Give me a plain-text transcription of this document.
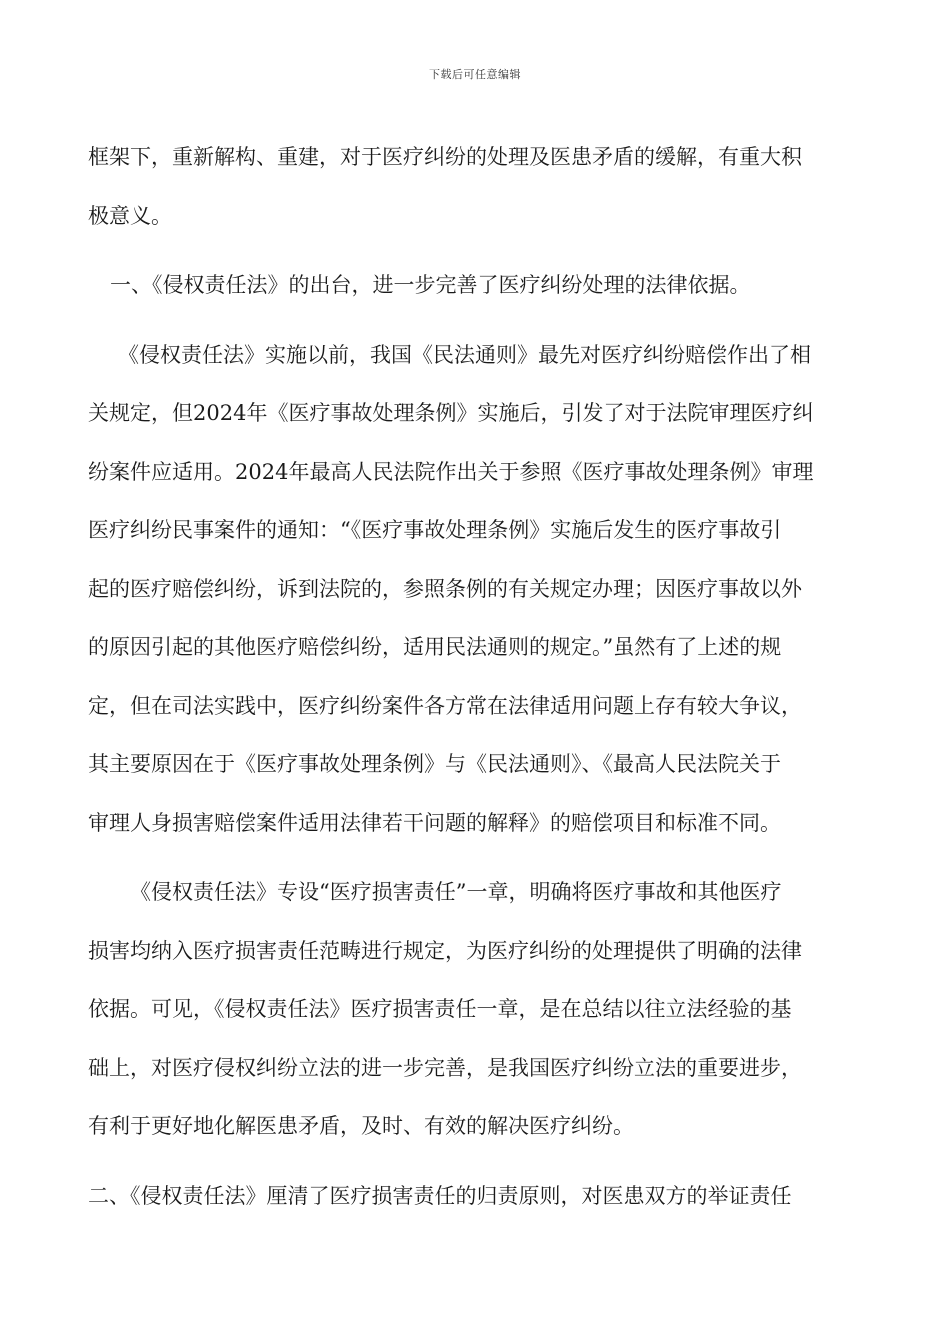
下载后可任意编辑
框架下，重新解构、重建，对于医疗纠纷的处理及医患矛盾的缓解，有重大积
极意义。
一、《侵权责任法》的出台，进一步完善了医疗纠纷处理的法律依据。
《侵权责任法》实施以前，我国《民法通则》最先对医疗纠纷赔偿作出了相
关规定，但2024年《医疗事故处理条例》实施后，引发了对于法院审理医疗纠
纷案件应适用。2024年最高人民法院作出关于参照《医疗事故处理条例》审理
医疗纠纷民事案件的通知：“《医疗事故处理条例》实施后发生的医疗事故引
起的医疗赔偿纠纷，诉到法院的，参照条例的有关规定办理；因医疗事故以外
的原因引起的其他医疗赔偿纠纷，适用民法通则的规定。”虽然有了上述的规
定，但在司法实践中，医疗纠纷案件各方常在法律适用问题上存有较大争议，
其主要原因在于《医疗事故处理条例》与《民法通则》、《最高人民法院关于
审理人身损害赔偿案件适用法律若干问题的解释》的赔偿项目和标准不同。
《侵权责任法》专设“医疗损害责任”一章，明确将医疗事故和其他医疗
损害均纳入医疗损害责任范畴进行规定，为医疗纠纷的处理提供了明确的法律
依据。可见，《侵权责任法》医疗损害责任一章，是在总结以往立法经验的基
础上，对医疗侵权纠纷立法的进一步完善，是我国医疗纠纷立法的重要进步，
有利于更好地化解医患矛盾，及时、有效的解决医疗纠纷。
二、《侵权责任法》厘清了医疗损害责任的归责原则，对医患双方的举证责任
